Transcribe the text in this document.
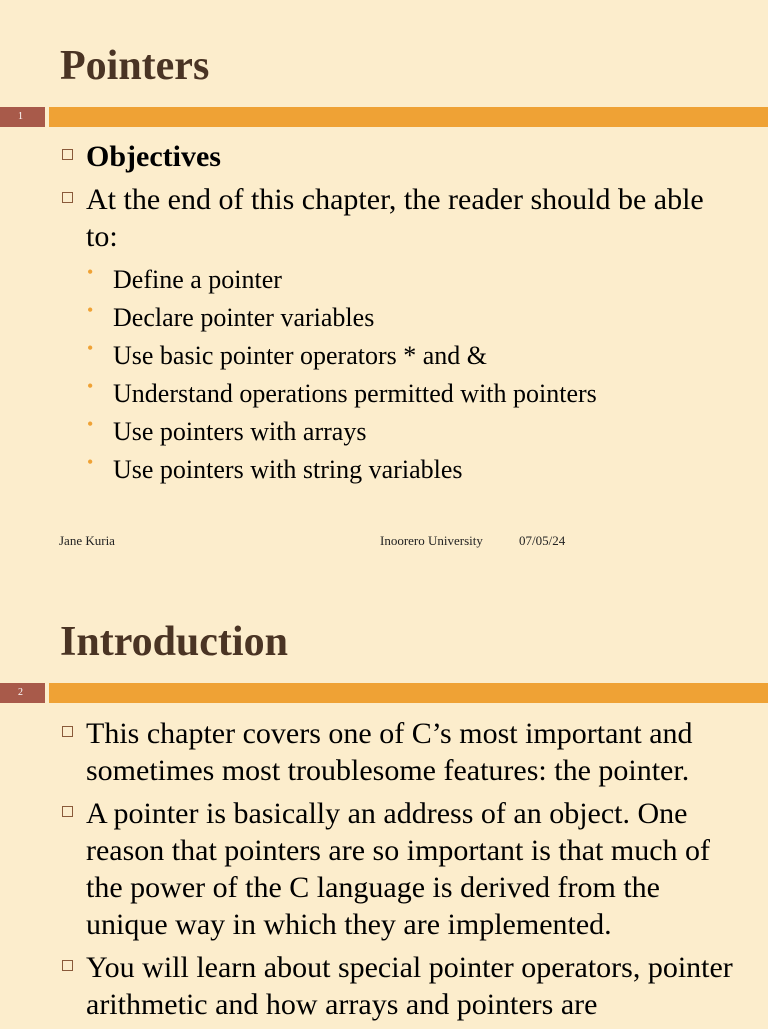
Pointers
1
Objectives
At the end of this chapter, the reader should be able to:
• Define a pointer
• Declare pointer variables
• Use basic pointer operators * and &
• Understand operations permitted with pointers
• Use pointers with arrays
• Use pointers with string variables
Jane Kuria	Inoorero University	07/05/24
Introduction
2
This chapter covers one of C’s most important and sometimes most troublesome features: the pointer.
A pointer is basically an address of an object. One reason that pointers are so important is that much of the power of the C language is derived from the unique way in which they are implemented.
You will learn about special pointer operators, pointer arithmetic and how arrays and pointers are
